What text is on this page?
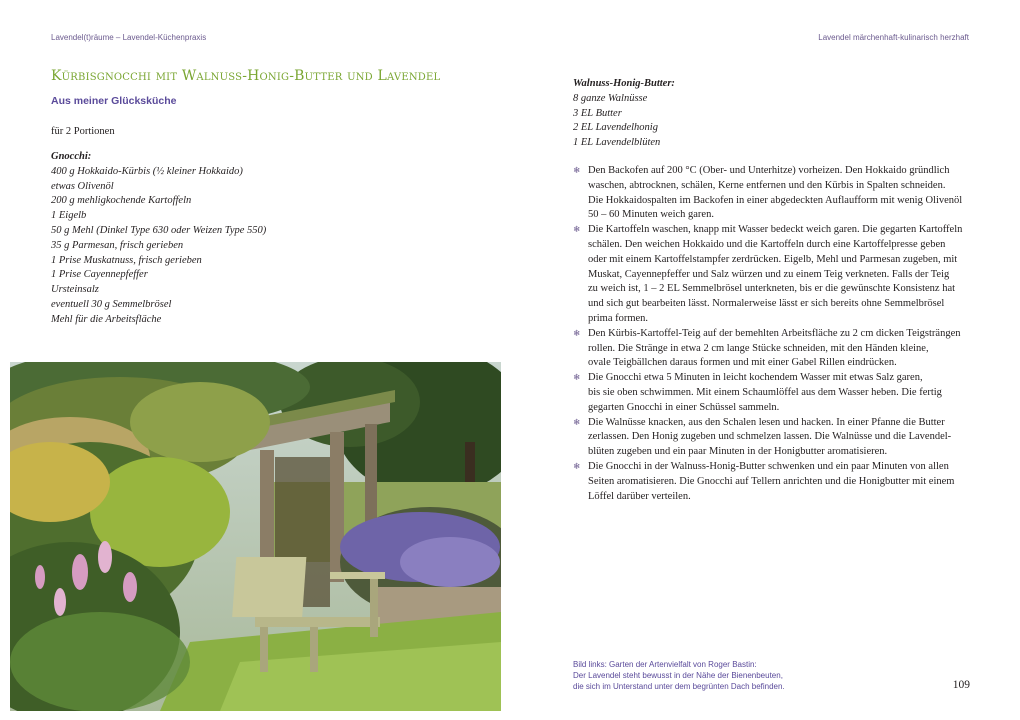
Lavendel(t)räume – Lavendel-Küchenpraxis	Lavendel märchenhaft-kulinarisch herzhaft
Kürbisgnocchi mit Walnuss-Honig-Butter und Lavendel
Aus meiner Glücksküche
für 2 Portionen
Gnocchi:
400 g Hokkaido-Kürbis (½ kleiner Hokkaido)
etwas Olivenöl
200 g mehligkochende Kartoffeln
1 Eigelb
50 g Mehl (Dinkel Type 630 oder Weizen Type 550)
35 g Parmesan, frisch gerieben
1 Prise Muskatnuss, frisch gerieben
1 Prise Cayennepfeffer
Ursteinsalz
eventuell 30 g Semmelbrösel
Mehl für die Arbeitsfläche
Walnuss-Honig-Butter:
8 ganze Walnüsse
3 EL Butter
2 EL Lavendelhonig
1 EL Lavendelblüten
❄ Den Backofen auf 200 °C (Ober- und Unterhitze) vorheizen. Den Hokkaido gründlich
waschen, abtrocknen, schälen, Kerne entfernen und den Kürbis in Spalten schneiden.
Die Hokkaidospalten im Backofen in einer abgedeckten Auflaufform mit wenig Olivenöl
50 – 60 Minuten weich garen.
❄ Die Kartoffeln waschen, knapp mit Wasser bedeckt weich garen. Die gegarten Kartoffeln
schälen. Den weichen Hokkaido und die Kartoffeln durch eine Kartoffelpresse geben
oder mit einem Kartoffelstampfer zerdrücken. Eigelb, Mehl und Parmesan zugeben, mit
Muskat, Cayennepfeffer und Salz würzen und zu einem Teig verkneten. Falls der Teig
zu weich ist, 1 – 2 EL Semmelbrösel unterkneten, bis er die gewünschte Konsistenz hat
und sich gut bearbeiten lässt. Normalerweise lässt er sich bereits ohne Semmelbrösel
prima formen.
❄ Den Kürbis-Kartoffel-Teig auf der bemehlten Arbeitsfläche zu 2 cm dicken Teigsträngen
rollen. Die Stränge in etwa 2 cm lange Stücke schneiden, mit den Händen kleine,
ovale Teigbällchen daraus formen und mit einer Gabel Rillen eindrücken.
❄ Die Gnocchi etwa 5 Minuten in leicht kochendem Wasser mit etwas Salz garen,
bis sie oben schwimmen. Mit einem Schaumlöffel aus dem Wasser heben. Die fertig
gegarten Gnocchi in einer Schüssel sammeln.
❄ Die Walnüsse knacken, aus den Schalen lesen und hacken. In einer Pfanne die Butter
zerlassen. Den Honig zugeben und schmelzen lassen. Die Walnüsse und die Lavendel-
blüten zugeben und ein paar Minuten in der Honigbutter aromatisieren.
❄ Die Gnocchi in der Walnuss-Honig-Butter schwenken und ein paar Minuten von allen
Seiten aromatisieren. Die Gnocchi auf Tellern anrichten und die Honigbutter mit einem
Löffel darüber verteilen.
Bild links: Garten der Artenvielfalt von Roger Bastin:
Der Lavendel steht bewusst in der Nähe der Bienenbeuten,
die sich im Unterstand unter dem begrünten Dach befinden.	109
